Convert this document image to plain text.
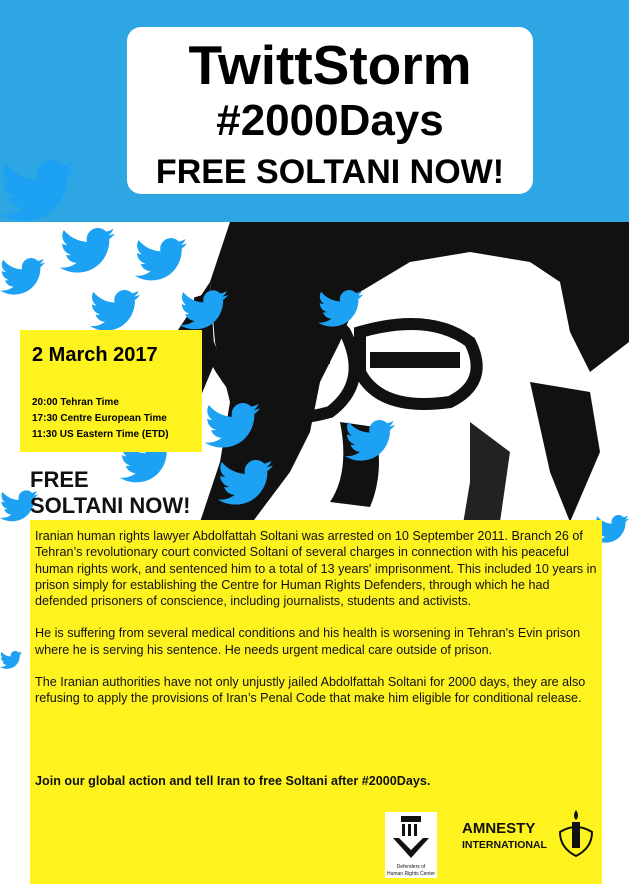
TwittStorm
#2000Days
FREE SOLTANI NOW!
2 March 2017
20:00 Tehran Time
17:30 Centre European Time
11:30 US Eastern Time (ETD)
FREE
SOLTANI NOW!

Iranian human rights lawyer Abdolfattah Soltani was arrested on 10 September 2011. Branch 26 of Tehran’s revolutionary court convicted Soltani of several charges in connection with his peaceful human rights work, and sentenced him to a total of 13 years' imprisonment. This included 10 years in prison simply for establishing the Centre for Human Rights Defenders, through which he had defended prisoners of conscience, including journalists, students and activists.

He is suffering from several medical conditions and his health is worsening in Tehran's Evin prison where he is serving his sentence. He needs urgent medical care outside of prison.

The Iranian authorities have not only unjustly jailed Abdolfattah Soltani for 2000 days, they are also refusing to apply the provisions of Iran’s Penal Code that make him eligible for conditional release.

Join our global action and tell Iran to free Soltani after #2000Days.
Defenders of
Human Rights Center
AMNESTY
INTERNATIONAL
